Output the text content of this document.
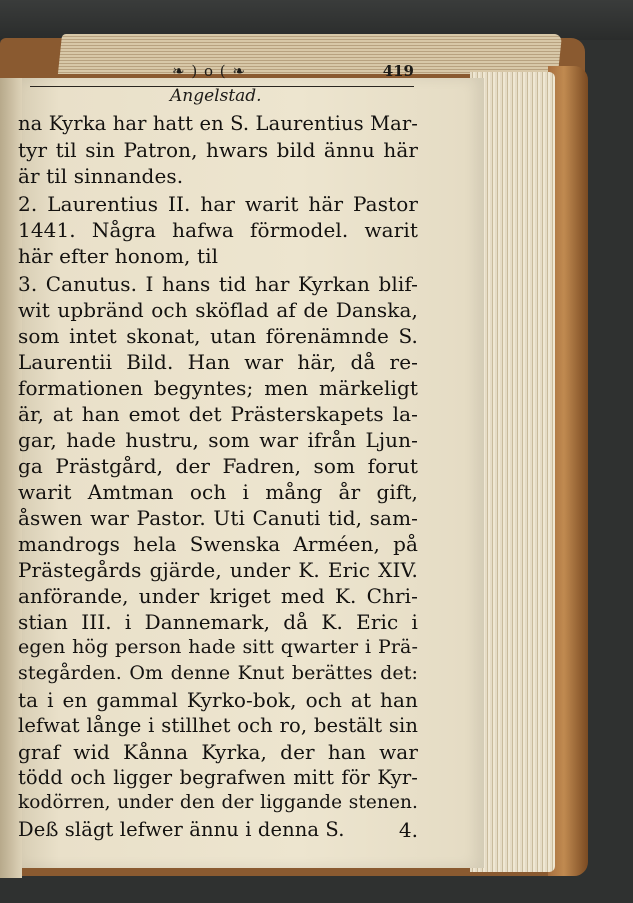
❧ ) o ( ❧	419
Angelstad.
na Kyrka har hatt en S. Laurentius Mar-
tyr til sin Patron, hwars bild ännu här
är til sinnandes.
2. Laurentius II. har warit här Pastor
1441. Några hafwa förmodel. warit
här efter honom, til
3. Canutus. I hans tid har Kyrkan blif-
wit upbränd och sköflad af de Danska,
som intet skonat, utan förenämnde S.
Laurentii Bild. Han war här, då re-
formationen begyntes; men märkeligt
är, at han emot det Prästerskapets la-
gar, hade hustru, som war ifrån Ljun-
ga Prästgård, der Fadren, som forut
warit Amtman och i mång år gift,
åswen war Pastor. Uti Canuti tid, sam-
mandrogs hela Swenska Arméen, på
Prästegårds gjärde, under K. Eric XIV.
anförande, under kriget med K. Chri-
stian III. i Dannemark, då K. Eric i
egen hög person hade sitt qwarter i Prä-
stegården. Om denne Knut berättes det:
ta i en gammal Kyrko-bok, och at han
lefwat långe i stillhet och ro, bestält sin
graf wid Kånna Kyrka, der han war
tödd och ligger begrafwen mitt för Kyr-
kodörren, under den der liggande stenen.
Deß slägt lefwer ännu i denna S.	4.
